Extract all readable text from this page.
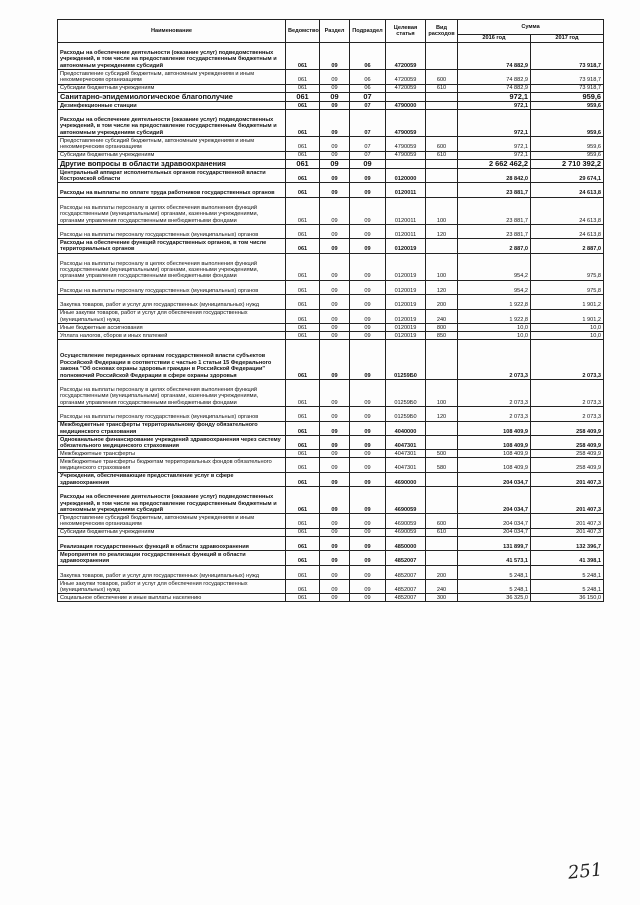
Наименование	Ведомство	Раздел	Подраздел	Целевая статья	Вид расходов	Сумма	
						2016 год	2017 год
Расходы на обеспечение деятельности (оказание услуг) подведомственных учреждений, в том числе на предоставление государственным бюджетным и автономным учреждениям субсидий	061	09	06	4720059		74 882,9	73 918,7
Предоставление субсидий бюджетным, автономным учреждениям и иным некоммерческим организациям	061	09	06	4720059	600	74 882,9	73 918,7
Субсидии бюджетным учреждениям	061	09	06	4720059	610	74 882,9	73 918,7
Санитарно-эпидемиологическое благополучие	061	09	07			972,1	959,6
Дезинфекционные станции	061	09	07	4790000		972,1	959,6
Расходы на обеспечение деятельности (оказание услуг) подведомственных учреждений, в том числе на предоставление государственным бюджетным и автономным учреждениям субсидий	061	09	07	4790059		972,1	959,6
Предоставление субсидий бюджетным, автономным учреждениям и иным некоммерческим организациям	061	09	07	4790059	600	972,1	959,6
Субсидии бюджетным учреждениям	061	09	07	4790059	610	972,1	959,6
Другие вопросы в области здравоохранения	061	09	09			2 662 462,2	2 710 392,2
Центральный аппарат исполнительных органов государственной власти Костромской области	061	09	09	0120000		28 842,0	29 674,1
Расходы на выплаты по оплате труда работников государственных органов	061	09	09	0120011		23 881,7	24 613,8
Расходы на выплаты персоналу в целях обеспечения выполнения функций государственными (муниципальными) органами, казенными учреждениями, органами управления государственными внебюджетными фондами	061	09	09	0120011	100	23 881,7	24 613,8
Расходы на выплаты персоналу государственных (муниципальных) органов	061	09	09	0120011	120	23 881,7	24 613,8
Расходы на обеспечение функций государственных органов, в том числе территориальных органов	061	09	09	0120019		2 887,0	2 887,0
Расходы на выплаты персоналу в целях обеспечения выполнения функций государственными (муниципальными) органами, казенными учреждениями, органами управления государственными внебюджетными фондами	061	09	09	0120019	100	954,2	975,8
Расходы на выплаты персоналу государственных (муниципальных) органов	061	09	09	0120019	120	954,2	975,8
Закупка товаров, работ и услуг для государственных (муниципальных) нужд	061	09	09	0120019	200	1 922,8	1 901,2
Иные закупки товаров, работ и услуг для обеспечения государственных (муниципальных) нужд	061	09	09	0120019	240	1 922,8	1 901,2
Иные бюджетные ассигнования	061	09	09	0120019	800	10,0	10,0
Уплата налогов, сборов и иных платежей	061	09	09	0120019	850	10,0	10,0
Осуществление переданных органам государственной власти субъектов Российской Федерации в соответствии с частью 1 статьи 15 Федерального закона "Об основах охраны здоровья граждан в Российской Федерации" полномочий Российской Федерации в сфере охраны здоровья	061	09	09	01259Б0		2 073,3	2 073,3
Расходы на выплаты персоналу в целях обеспечения выполнения функций государственными (муниципальными) органами, казенными учреждениями, органами управления государственными внебюджетными фондами	061	09	09	01259Б0	100	2 073,3	2 073,3
Расходы на выплаты персоналу государственных (муниципальных) органов	061	09	09	01259Б0	120	2 073,3	2 073,3
Межбюджетные трансферты территориальному фонду обязательного медицинского страхования	061	09	09	4040000		108 409,9	258 409,9
Одноканальное финансирование учреждений здравоохранения через систему обязательного медицинского страхования	061	09	09	4047301		108 409,9	258 409,9
Межбюджетные трансферты	061	09	09	4047301	500	108 409,9	258 409,9
Межбюджетные трансферты бюджетам территориальных фондов обязательного медицинского страхования	061	09	09	4047301	580	108 409,9	258 409,9
Учреждения, обеспечивающие предоставление услуг в сфере здравоохранения	061	09	09	4690000		204 034,7	201 407,3
Расходы на обеспечение деятельности (оказание услуг) подведомственных учреждений, в том числе на предоставление государственным бюджетным и автономным учреждениям субсидий	061	09	09	4690059		204 034,7	201 407,3
Предоставление субсидий бюджетным, автономным учреждениям и иным некоммерческим организациям	061	09	09	4690059	600	204 034,7	201 407,3
Субсидии бюджетным учреждениям	061	09	09	4690059	610	204 034,7	201 407,3
Реализация государственных функций в области здравоохранения	061	09	09	4850000		131 899,7	132 396,7
Мероприятия по реализации государственных функций в области здравоохранения	061	09	09	4852007		41 573,1	41 398,1
Закупка товаров, работ и услуг для государственных (муниципальных) нужд	061	09	09	4852007	200	5 248,1	5 248,1
Иные закупки товаров, работ и услуг для обеспечения государственных (муниципальных) нужд	061	09	09	4852007	240	5 248,1	5 248,1
Социальное обеспечение и иные выплаты населению	061	09	09	4852007	300	36 325,0	36 150,0
251
